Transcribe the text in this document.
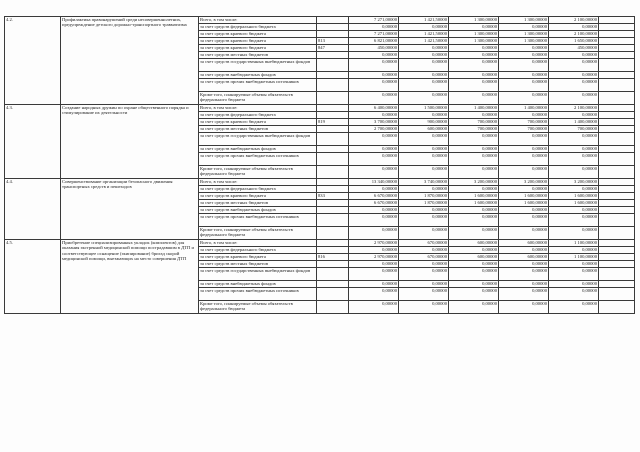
4.2.	Профилактика правонарушений среди несовершеннолетних, предупреждение детского дорожно-транспортного травматизма	Всего, в том числе:		7 271,00000	1 421,50000	1 300,00000	1 300,00000	2 100,00000	
		за счет средств федерального бюджета		0,00000	0,00000	0,00000	0,00000	0,00000	
		за счет средств краевого бюджета		7 271,00000	1 421,50000	1 300,00000	1 300,00000	2 100,00000	
		за счет средств краевого бюджета	813	6 821,00000	1 421,50000	1 300,00000	1 300,00000	1 650,00000	
		за счет средств краевого бюджета	847	450,00000	0,00000	0,00000	0,00000	450,00000	
		за счет средств местных бюджетов		0,00000	0,00000	0,00000	0,00000	0,00000	
		за счет средств государственных внебюджетных фондов		0,00000	0,00000	0,00000	0,00000	0,00000	
		за счет средств внебюджетных фондов		0,00000	0,00000	0,00000	0,00000	0,00000	
		за счет средств прочих внебюджетных источников		0,00000	0,00000	0,00000	0,00000	0,00000	
		Кроме того, планируемые объемы обязательств федерального бюджета		0,00000	0,00000	0,00000	0,00000	0,00000	
4.3.	Создание народных дружин по охране общественного порядка и стимулирование их деятельности	Всего, в том числе:		6 400,00000	1 500,00000	1 400,00000	1 400,00000	2 100,00000	
		за счет средств федерального бюджета		0,00000	0,00000	0,00000	0,00000	0,00000	
		за счет средств краевого бюджета	819	3 700,00000	900,00000	700,00000	700,00000	1 400,00000	
		за счет средств местных бюджетов		2 700,00000	600,00000	700,00000	700,00000	700,00000	
		за счет средств государственных внебюджетных фондов		0,00000	0,00000	0,00000	0,00000	0,00000	
		за счет средств внебюджетных фондов		0,00000	0,00000	0,00000	0,00000	0,00000	
		за счет средств прочих внебюджетных источников		0,00000	0,00000	0,00000	0,00000	0,00000	
		Кроме того, планируемые объемы обязательств федерального бюджета		0,00000	0,00000	0,00000	0,00000	0,00000	
4.4.	Совершенствование организации безопасного движения транспортных средств и пешеходов	Всего, в том числе:		13 340,00000	3 740,00000	3 200,00000	3 200,00000	3 200,00000	
		за счет средств федерального бюджета		0,00000	0,00000	0,00000	0,00000	0,00000	
		за счет средств краевого бюджета	833	6 670,00000	1 870,00000	1 600,00000	1 600,00000	1 600,00000	
		за счет средств местных бюджетов		6 670,00000	1 870,00000	1 600,00000	1 600,00000	1 600,00000	
		за счет средств внебюджетных фондов		0,00000	0,00000	0,00000	0,00000	0,00000	
		за счет средств прочих внебюджетных источников		0,00000	0,00000	0,00000	0,00000	0,00000	
		Кроме того, планируемые объемы обязательств федерального бюджета		0,00000	0,00000	0,00000	0,00000	0,00000	
4.5.	Приобретение специализированных укладок (комплектов) для оказания экстренной медицинской помощи пострадавшим в ДТП и соответствующее оснащение (экипирование) бригад скорой медицинской помощи, выезжающих на место совершения ДТП	Всего, в том числе:		2 970,00000	670,00000	600,00000	600,00000	1 100,00000	
		за счет средств федерального бюджета		0,00000	0,00000	0,00000	0,00000	0,00000	
		за счет средств краевого бюджета	816	2 970,00000	670,00000	600,00000	600,00000	1 100,00000	
		за счет средств местных бюджетов		0,00000	0,00000	0,00000	0,00000	0,00000	
		за счет средств государственных внебюджетных фондов		0,00000	0,00000	0,00000	0,00000	0,00000	
		за счет средств внебюджетных фондов		0,00000	0,00000	0,00000	0,00000	0,00000	
		за счет средств прочих внебюджетных источников		0,00000	0,00000	0,00000	0,00000	0,00000	
		Кроме того, планируемые объемы обязательств федерального бюджета		0,00000	0,00000	0,00000	0,00000	0,00000	
